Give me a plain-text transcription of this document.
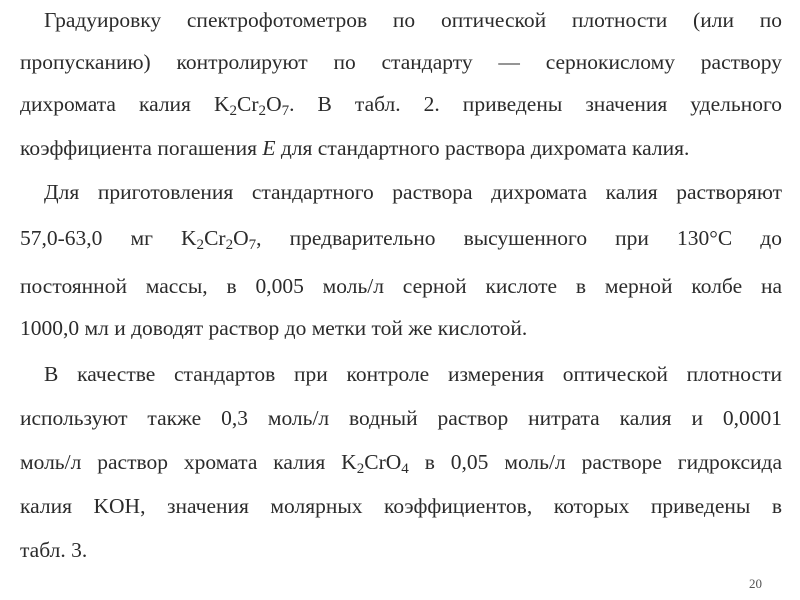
Градуировку спектрофотометров по оптической плотности (или по
пропусканию) контролируют по стандарту — сернокислому раствору
дихромата калия $K_2Cr_2O_7$. В табл. 2. приведены значения удельного
коэффициента погашения E для стандартного раствора дихромата калия.
Для приготовления стандартного раствора дихромата калия растворяют
57,0-63,0 мг $K_2Cr_2O_7$, предварительно высушенного при 130°C до
постоянной массы, в 0,005 моль/л серной кислоте в мерной колбе на
1000,0 мл и доводят раствор до метки той же кислотой.
В качестве стандартов при контроле измерения оптической плотности
используют также 0,3 моль/л водный раствор нитрата калия и 0,0001
моль/л раствор хромата калия $K_2CrO_4$ в 0,05 моль/л растворе гидроксида
калия KOH, значения молярных коэффициентов, которых приведены в
табл. 3.
20
